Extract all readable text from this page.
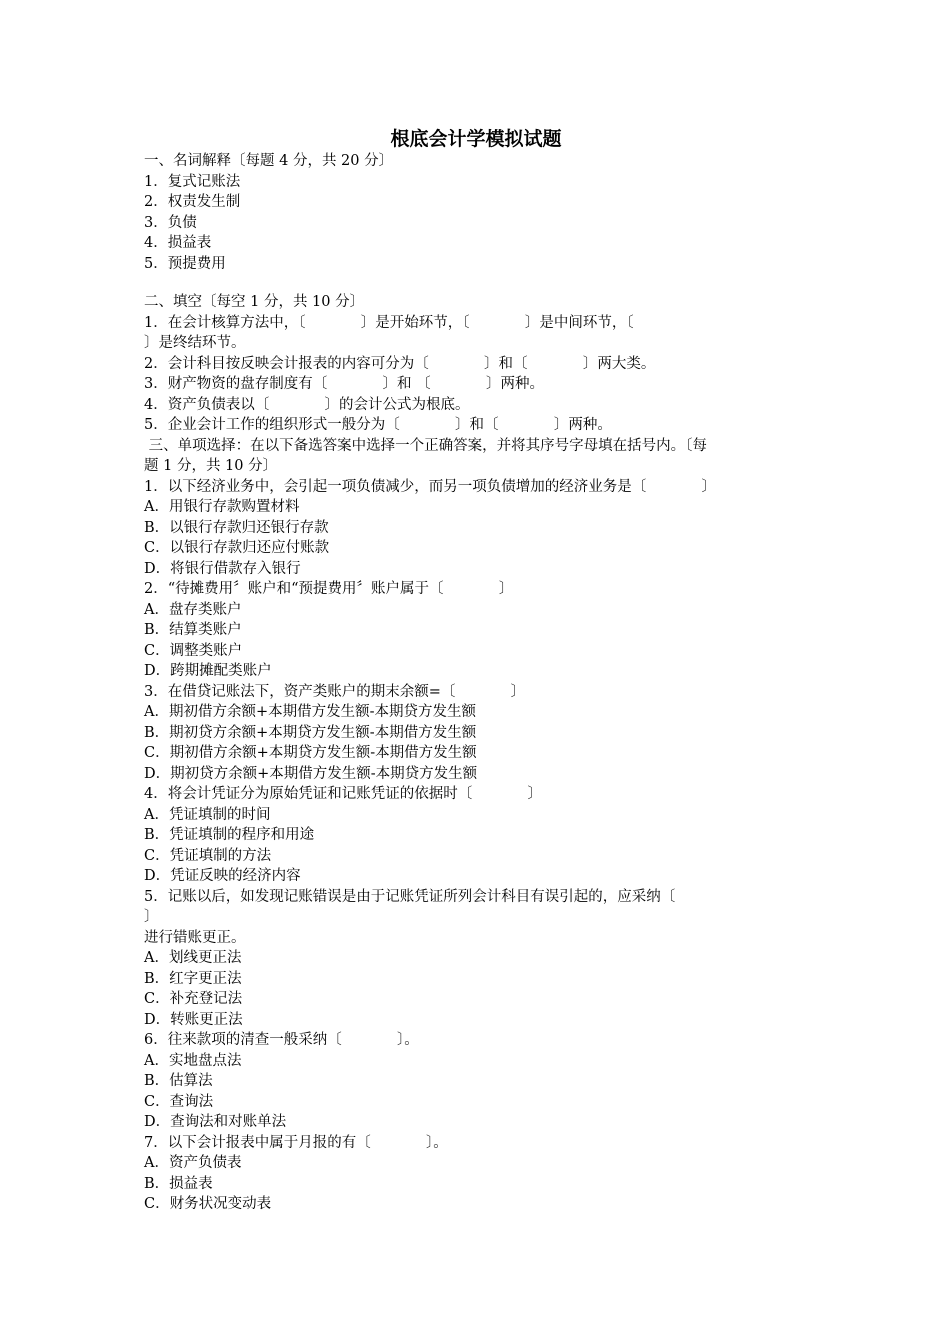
根底会计学模拟试题
一、名词解释〔每题 4 分，共 20 分〕
1．复式记账法
2．权责发生制
3．负债
4．损益表
5．预提费用
二、填空〔每空 1 分，共 10 分〕
1．在会计核算方法中，〔            〕是开始环节，〔            〕是中间环节，〔
〕是终结环节。
2．会计科目按反映会计报表的内容可分为〔            〕和〔            〕两大类。
3．财产物资的盘存制度有〔            〕和 〔            〕两种。
4．资产负债表以〔            〕的会计公式为根底。
5．企业会计工作的组织形式一般分为〔            〕和〔            〕两种。
三、单项选择：在以下备选答案中选择一个正确答案，并将其序号字母填在括号内。〔每
题 1 分，共 10 分〕
1．以下经济业务中，会引起一项负债减少，而另一项负债增加的经济业务是〔            〕
A．用银行存款购置材料
B．以银行存款归还银行存款
C．以银行存款归还应付账款
D．将银行借款存入银行
2．“待摊费用〞账户和“预提费用〞账户属于〔            〕
A．盘存类账户
B．结算类账户
C．调整类账户
D．跨期摊配类账户
3．在借贷记账法下，资产类账户的期末余额=〔            〕
A．期初借方余额+本期借方发生额-本期贷方发生额
B．期初贷方余额+本期贷方发生额-本期借方发生额
C．期初借方余额+本期贷方发生额-本期借方发生额
D．期初贷方余额+本期借方发生额-本期贷方发生额
4．将会计凭证分为原始凭证和记账凭证的依据时〔            〕
A．凭证填制的时间
B．凭证填制的程序和用途
C．凭证填制的方法
D．凭证反映的经济内容
5．记账以后，如发现记账错误是由于记账凭证所列会计科目有误引起的，应采纳〔
〕
进行错账更正。
A．划线更正法
B．红字更正法
C．补充登记法
D．转账更正法
6．往来款项的清查一般采纳〔            〕。
A．实地盘点法
B．估算法
C．查询法
D．查询法和对账单法
7．以下会计报表中属于月报的有〔            〕。
A．资产负债表
B．损益表
C．财务状况变动表
